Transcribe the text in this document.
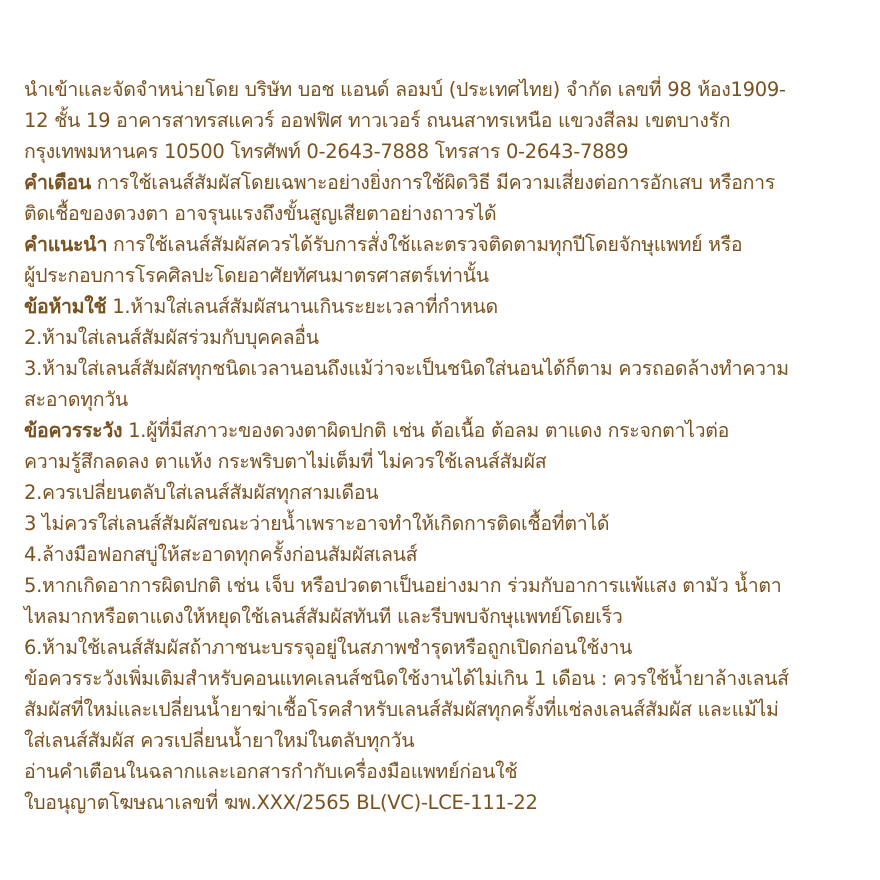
นำเข้าและจัดจำหน่ายโดย บริษัท บอช แอนด์ ลอมบ์ (ประเทศไทย) จำกัด เลขที่ 98 ห้อง1909-
12 ชั้น 19 อาคารสาทรสแควร์ ออฟฟิศ ทาวเวอร์ ถนนสาทรเหนือ แขวงสีลม เขตบางรัก
กรุงเทพมหานคร 10500 โทรศัพท์ 0-2643-7888 โทรสาร 0-2643-7889
คำเตือน การใช้เลนส์สัมผัสโดยเฉพาะอย่างยิ่งการใช้ผิดวิธี มีความเสี่ยงต่อการอักเสบ หรือการ
ติดเชื้อของดวงตา อาจรุนแรงถึงขั้นสูญเสียตาอย่างถาวรได้
คำแนะนำ การใช้เลนส์สัมผัสควรได้รับการสั่งใช้และตรวจติดตามทุกปีโดยจักษุแพทย์ หรือ
ผู้ประกอบการโรคศิลปะโดยอาศัยทัศนมาตรศาสตร์เท่านั้น
ข้อห้ามใช้ 1.ห้ามใส่เลนส์สัมผัสนานเกินระยะเวลาที่กำหนด
2.ห้ามใส่เลนส์สัมผัสร่วมกับบุคคลอื่น
3.ห้ามใส่เลนส์สัมผัสทุกชนิดเวลานอนถึงแม้ว่าจะเป็นชนิดใส่นอนได้ก็ตาม ควรถอดล้างทำความ
สะอาดทุกวัน
ข้อควรระวัง 1.ผู้ที่มีสภาวะของดวงตาผิดปกติ เช่น ต้อเนื้อ ต้อลม ตาแดง กระจกตาไวต่อ
ความรู้สึกลดลง ตาแห้ง กระพริบตาไม่เต็มที่ ไม่ควรใช้เลนส์สัมผัส
2.ควรเปลี่ยนตลับใส่เลนส์สัมผัสทุกสามเดือน
3 ไม่ควรใส่เลนส์สัมผัสขณะว่ายน้ำเพราะอาจทำให้เกิดการติดเชื้อที่ตาได้
4.ล้างมือฟอกสบู่ให้สะอาดทุกครั้งก่อนสัมผัสเลนส์
5.หากเกิดอาการผิดปกติ เช่น เจ็บ หรือปวดตาเป็นอย่างมาก ร่วมกับอาการแพ้แสง ตามัว น้ำตา
ไหลมากหรือตาแดงให้หยุดใช้เลนส์สัมผัสทันที และรีบพบจักษุแพทย์โดยเร็ว
6.ห้ามใช้เลนส์สัมผัสถ้าภาชนะบรรจุอยู่ในสภาพชำรุดหรือถูกเปิดก่อนใช้งาน
ข้อควรระวังเพิ่มเติมสำหรับคอนแทคเลนส์ชนิดใช้งานได้ไม่เกิน 1 เดือน : ควรใช้น้ำยาล้างเลนส์
สัมผัสที่ใหม่และเปลี่ยนน้ำยาฆ่าเชื้อโรคสำหรับเลนส์สัมผัสทุกครั้งที่แช่ลงเลนส์สัมผัส และแม้ไม่
ใส่เลนส์สัมผัส ควรเปลี่ยนน้ำยาใหม่ในตลับทุกวัน
อ่านคำเตือนในฉลากและเอกสารกำกับเครื่องมือแพทย์ก่อนใช้
ใบอนุญาตโฆษณาเลขที่ ฆพ.XXX/2565 BL(VC)-LCE-111-22
